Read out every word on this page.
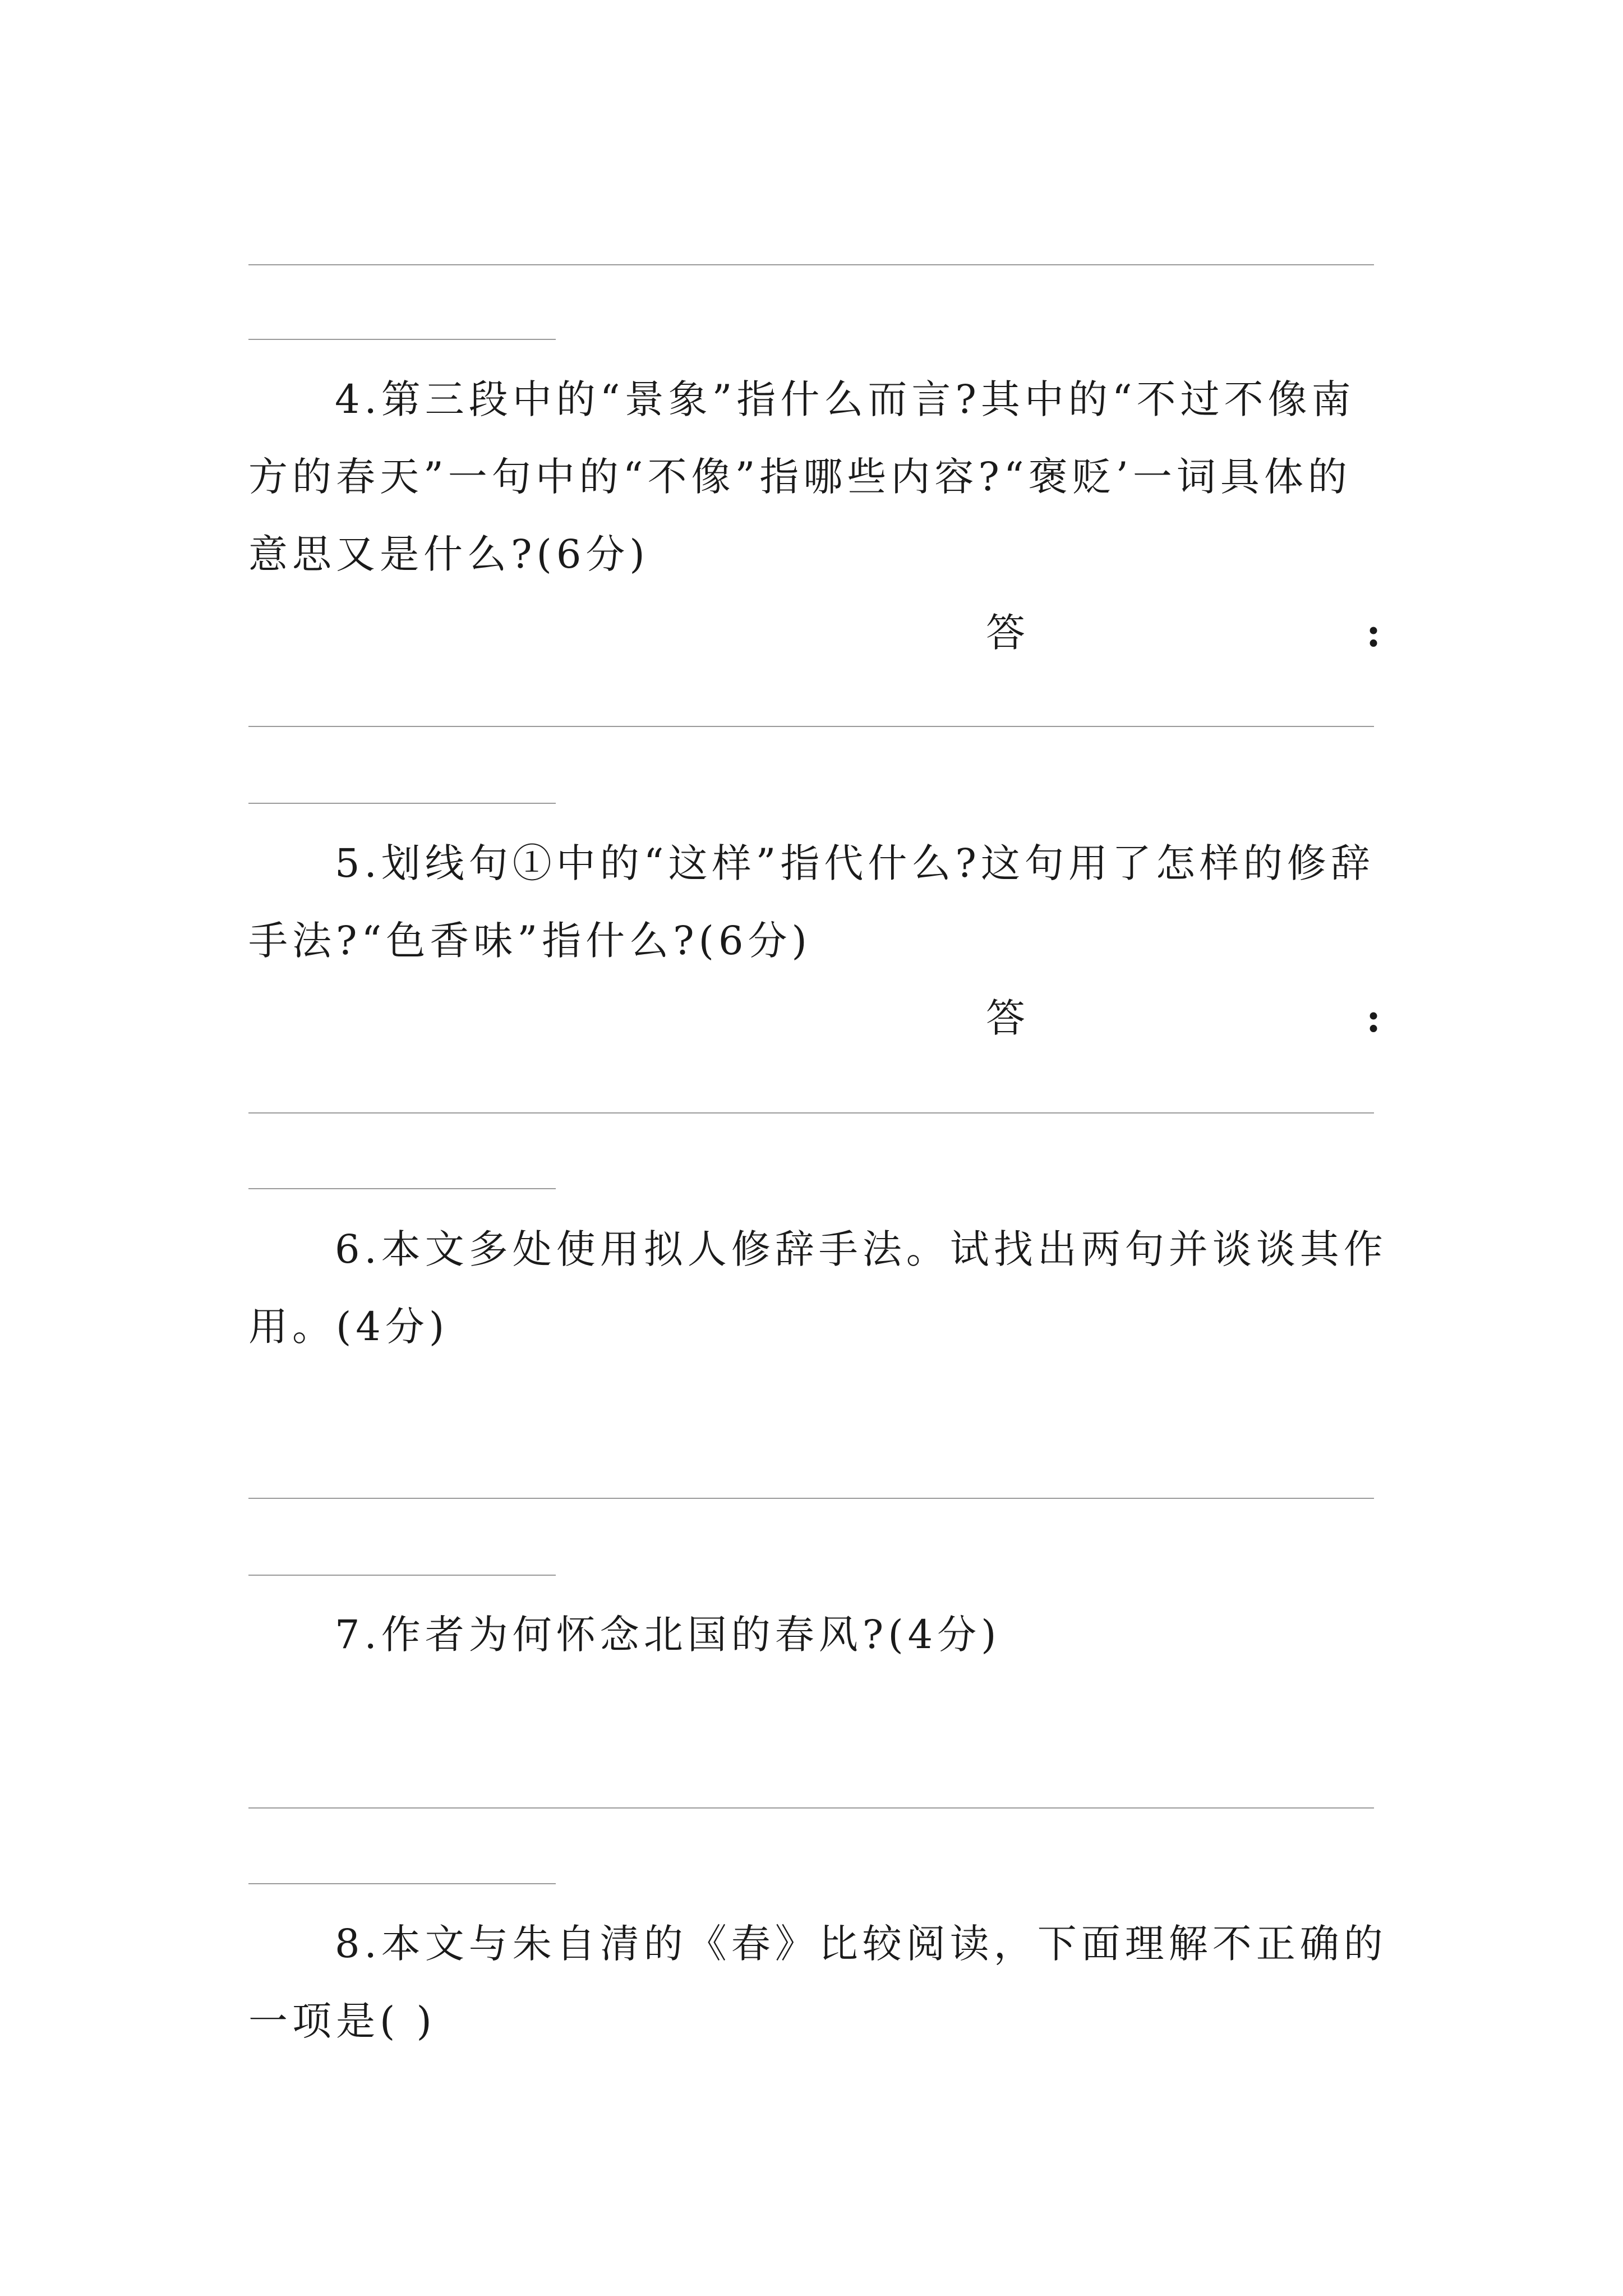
4.第三段中的“景象”指什么而言?其中的“不过不像南方的春天”一句中的“不像”指哪些内容?“褒贬’一词具体的意思又是什么?(6分)

答	:

5.划线句①中的“这样”指代什么?这句用了怎样的修辞手法?“色香味”指什么?(6分)

答	:

6.本文多处使用拟人修辞手法。试找出两句并谈谈其作用。(4分)

7.作者为何怀念北国的春风?(4分)

8.本文与朱自清的《春》比较阅读，下面理解不正确的一项是( )
